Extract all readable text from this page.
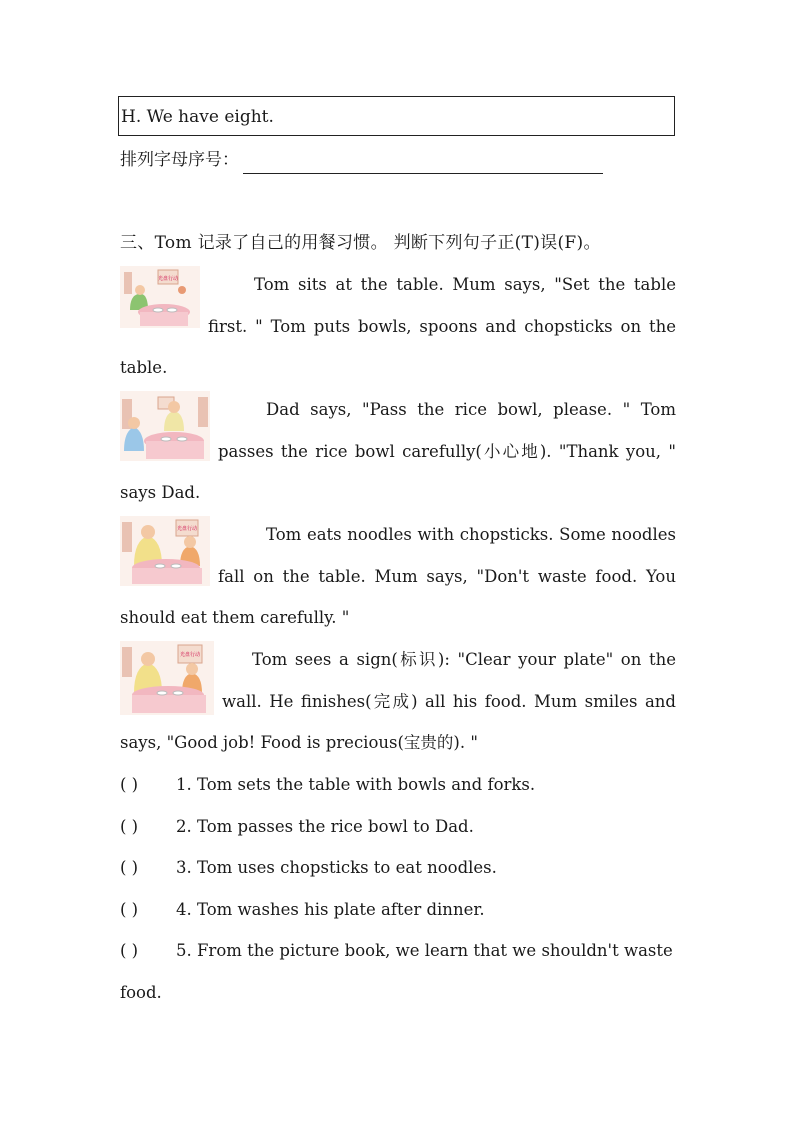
H. We have eight.
排列字母序号：
三、Tom 记录了自己的用餐习惯。 判断下列句子正(T)误(F)。
光盘行动	Tom sits at the table. Mum says, "Set the table first. " Tom puts bowls, spoons and chopsticks on the table.
Dad says, "Pass the rice bowl, please. " Tom passes the rice bowl carefully(小心地). "Thank you, " says Dad.
光盘行动	Tom eats noodles with chopsticks. Some noodles fall on the table. Mum says, "Don't waste food. You should eat them carefully. "
光盘行动	Tom sees a sign(标识): "Clear your plate" on the wall. He finishes(完成) all his food. Mum smiles and says, "Good job! Food is precious(宝贵的). "
( ) 1. Tom sets the table with bowls and forks.
( ) 2. Tom passes the rice bowl to Dad.
( ) 3. Tom uses chopsticks to eat noodles.
( ) 4. Tom washes his plate after dinner.
( ) 5. From the picture book, we learn that we shouldn't waste food.
